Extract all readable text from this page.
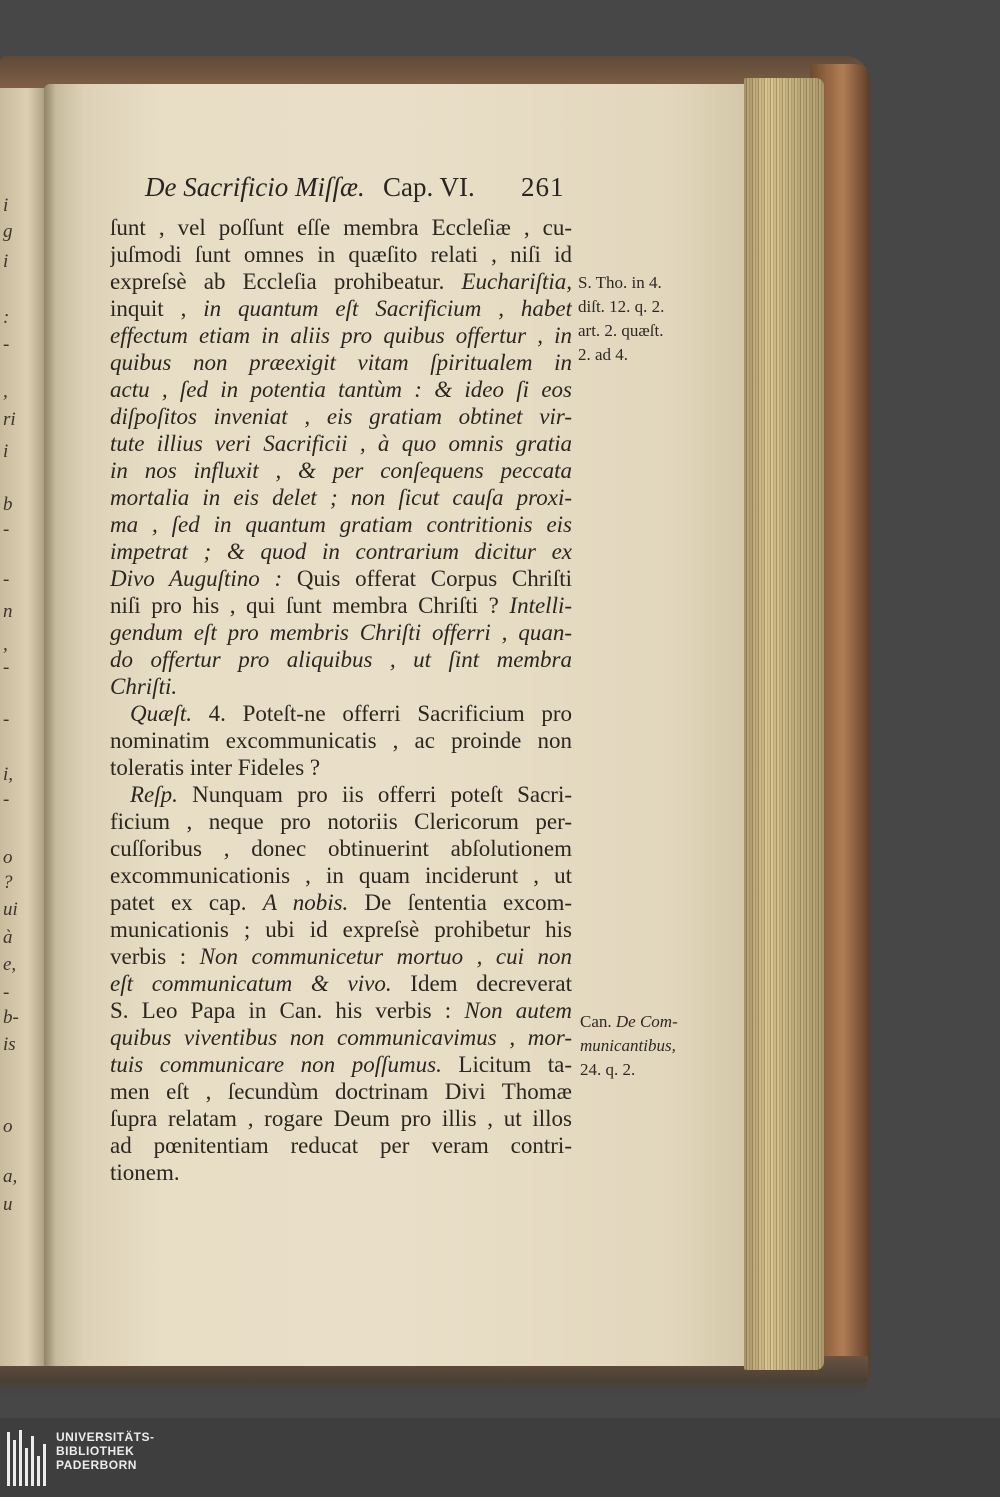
i
g
i
:
-
,
ri
i
b
-
-
n
,
-
-
i,
-
o
?
ui
à
e,
-
b-
is
o
a,
u
De Sacrificio Miſſæ. Cap. VI. 261
ſunt , vel poſſunt eſſe membra Eccleſiæ , cu-
juſmodi ſunt omnes in quæſito relati , niſi id
expreſsè ab Eccleſia prohibeatur. Euchariſtia,
inquit , in quantum eſt Sacrificium , habet
effectum etiam in aliis pro quibus offertur , in
quibus non præexigit vitam ſpiritualem in
actu , ſed in potentia tantùm : & ideo ſi eos
diſpoſitos inveniat , eis gratiam obtinet vir-
tute illius veri Sacrificii , à quo omnis gratia
in nos influxit , & per conſequens peccata
mortalia in eis delet ; non ſicut cauſa proxi-
ma , ſed in quantum gratiam contritionis eis
impetrat ; & quod in contrarium dicitur ex
Divo Auguſtino : Quis offerat Corpus Chriſti
niſi pro his , qui ſunt membra Chriſti ? Intelli-
gendum eſt pro membris Chriſti offerri , quan-
do offertur pro aliquibus , ut ſint membra
Chriſti.
Quæſt. 4. Poteſt-ne offerri Sacrificium pro
nominatim excommunicatis , ac proinde non
toleratis inter Fideles ?
Reſp. Nunquam pro iis offerri poteſt Sacri-
ficium , neque pro notoriis Clericorum per-
cuſſoribus , donec obtinuerint abſolutionem
excommunicationis , in quam inciderunt , ut
patet ex cap. A nobis. De ſententia excom-
municationis ; ubi id expreſsè prohibetur his
verbis : Non communicetur mortuo , cui non
eſt communicatum & vivo. Idem decreverat
S. Leo Papa in Can. his verbis : Non autem
quibus viventibus non communicavimus , mor-
tuis communicare non poſſumus. Licitum ta-
men eſt , ſecundùm doctrinam Divi Thomæ
ſupra relatam , rogare Deum pro illis , ut illos
ad pœnitentiam reducat per veram contri-
tionem.
S. Tho. in 4.
diſt. 12. q. 2.
art. 2. quæſt.
2. ad 4.
Can. De Com-
municantibus,
24. q. 2.
UNIVERSITÄTS-
BIBLIOTHEK
PADERBORN
